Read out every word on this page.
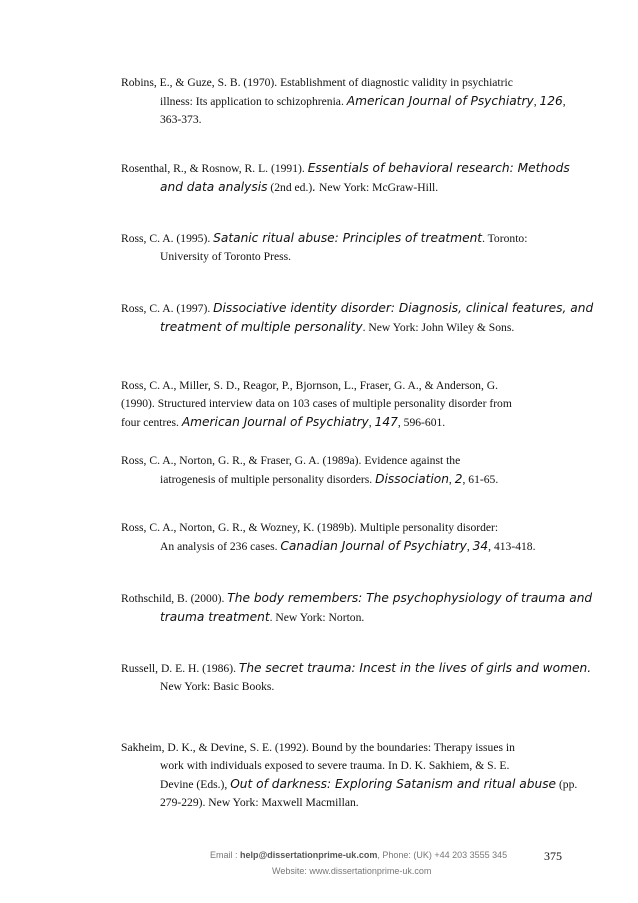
Robins, E., & Guze, S. B. (1970). Establishment of diagnostic validity in psychiatric
illness: Its application to schizophrenia. American Journal of Psychiatry, 126,
363-373.
Rosenthal, R., & Rosnow, R. L. (1991). Essentials of behavioral research: Methods
and data analysis (2nd ed.). New York: McGraw-Hill.
Ross, C. A. (1995). Satanic ritual abuse: Principles of treatment. Toronto:
University of Toronto Press.
Ross, C. A. (1997). Dissociative identity disorder: Diagnosis, clinical features, and
treatment of multiple personality. New York: John Wiley & Sons.
Ross, C. A., Miller, S. D., Reagor, P., Bjornson, L., Fraser, G. A., & Anderson, G.
(1990). Structured interview data on 103 cases of multiple personality disorder from
four centres. American Journal of Psychiatry, 147, 596-601.
Ross, C. A., Norton, G. R., & Fraser, G. A. (1989a). Evidence against the
iatrogenesis of multiple personality disorders. Dissociation, 2, 61-65.
Ross, C. A., Norton, G. R., & Wozney, K. (1989b). Multiple personality disorder:
An analysis of 236 cases. Canadian Journal of Psychiatry, 34, 413-418.
Rothschild, B. (2000). The body remembers: The psychophysiology of trauma and
trauma treatment. New York: Norton.
Russell, D. E. H. (1986). The secret trauma: Incest in the lives of girls and women.
New York: Basic Books.
Sakheim, D. K., & Devine, S. E. (1992). Bound by the boundaries: Therapy issues in
work with individuals exposed to severe trauma. In D. K. Sakhiem, & S. E.
Devine (Eds.), Out of darkness: Exploring Satanism and ritual abuse (pp.
279-229). New York: Maxwell Macmillan.
Email : help@dissertationprime-uk.com, Phone: (UK) +44 203 3555 345
Website: www.dissertationprime-uk.com
375
